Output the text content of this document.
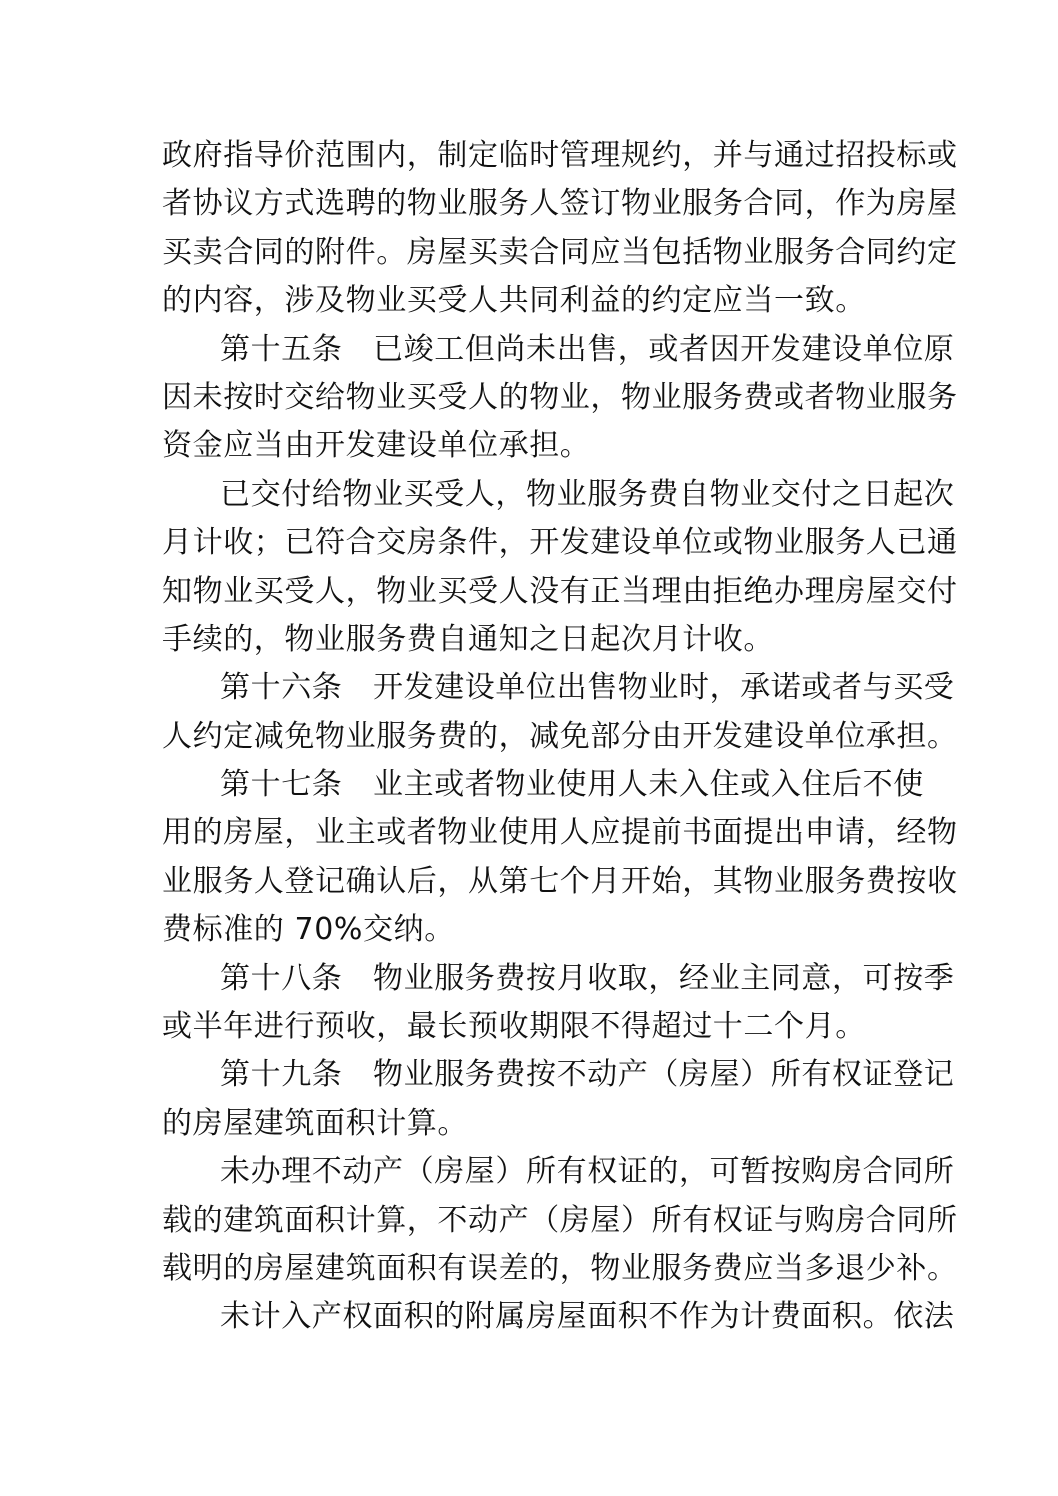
政府指导价范围内，制定临时管理规约，并与通过招投标或
者协议方式选聘的物业服务人签订物业服务合同，作为房屋
买卖合同的附件。房屋买卖合同应当包括物业服务合同约定
的内容，涉及物业买受人共同利益的约定应当一致。
第十五条　已竣工但尚未出售，或者因开发建设单位原
因未按时交给物业买受人的物业，物业服务费或者物业服务
资金应当由开发建设单位承担。
已交付给物业买受人，物业服务费自物业交付之日起次
月计收；已符合交房条件，开发建设单位或物业服务人已通
知物业买受人，物业买受人没有正当理由拒绝办理房屋交付
手续的，物业服务费自通知之日起次月计收。
第十六条　开发建设单位出售物业时，承诺或者与买受
人约定减免物业服务费的，减免部分由开发建设单位承担。
第十七条　业主或者物业使用人未入住或入住后不使
用的房屋，业主或者物业使用人应提前书面提出申请，经物
业服务人登记确认后，从第七个月开始，其物业服务费按收
费标准的 70%交纳。
第十八条　物业服务费按月收取，经业主同意，可按季
或半年进行预收，最长预收期限不得超过十二个月。
第十九条　物业服务费按不动产（房屋）所有权证登记
的房屋建筑面积计算。
未办理不动产（房屋）所有权证的，可暂按购房合同所
载的建筑面积计算，不动产（房屋）所有权证与购房合同所
载明的房屋建筑面积有误差的，物业服务费应当多退少补。
未计入产权面积的附属房屋面积不作为计费面积。依法
